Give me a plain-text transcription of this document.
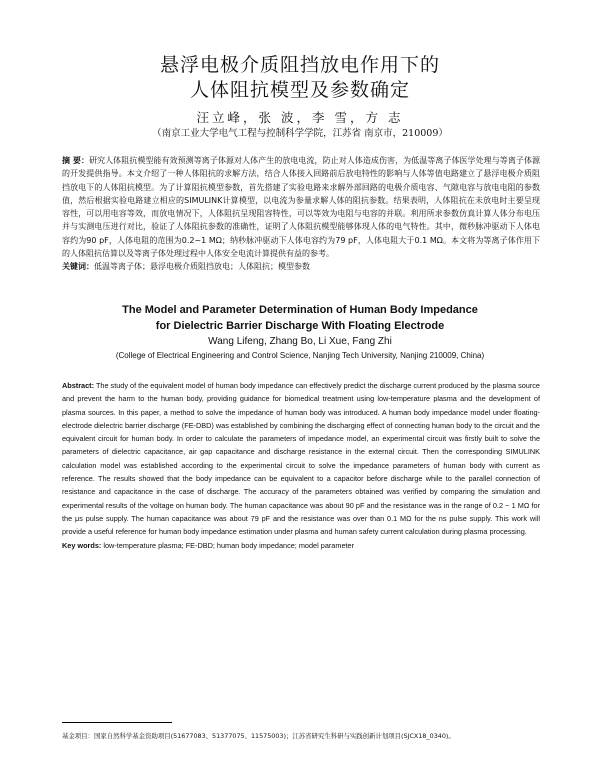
悬浮电极介质阻挡放电作用下的
人体阻抗模型及参数确定
汪立峰，张 波，李 雪，方 志
（南京工业大学电气工程与控制科学学院，江苏省 南京市，210009）
摘 要：研究人体阻抗模型能有效预测等离子体源对人体产生的放电电流，防止对人体造成伤害，为低温等离子体医学处理与等离子体源的开发提供指导。本文介绍了一种人体阻抗的求解方法，结合人体接入回路前后放电特性的影响与人体等值电路建立了悬浮电极介质阻挡放电下的人体阻抗模型。为了计算阻抗模型参数，首先搭建了实验电路来求解外部回路的电极介质电容、气隙电容与放电电阻的参数值，然后根据实验电路建立相应的SIMULINK计算模型，以电流为参量求解人体的阻抗参数。结果表明，人体阻抗在未放电时主要呈现容性，可以用电容等效，而放电情况下，人体阻抗呈现阻容特性，可以等效为电阻与电容的并联。利用所求参数仿真计算人体分布电压并与实测电压进行对比，验证了人体阻抗参数的准确性，证明了人体阻抗模型能够体现人体的电气特性。其中，微秒脉冲驱动下人体电容约为90 pF，人体电阻的范围为0.2~1 MΩ；纳秒脉冲驱动下人体电容约为79 pF，人体电阻大于0.1 MΩ。本文将为等离子体作用下的人体阻抗估算以及等离子体处理过程中人体安全电流计算提供有益的参考。
关键词：低温等离子体；悬浮电极介质阻挡放电；人体阻抗；模型参数
The Model and Parameter Determination of Human Body Impedance
for Dielectric Barrier Discharge With Floating Electrode
Wang Lifeng, Zhang Bo, Li Xue, Fang Zhi
(College of Electrical Engineering and Control Science, Nanjing Tech University, Nanjing 210009, China)
Abstract: The study of the equivalent model of human body impedance can effectively predict the discharge current produced by the plasma source and prevent the harm to the human body, providing guidance for biomedical treatment using low-temperature plasma and the development of plasma sources. In this paper, a method to solve the impedance of human body was introduced. A human body impedance model under floating-electrode dielectric barrier discharge (FE-DBD) was established by combining the discharging effect of connecting human body to the circuit and the equivalent circuit for human body. In order to calculate the parameters of impedance model, an experimental circuit was firstly built to solve the parameters of dielectric capacitance, air gap capacitance and discharge resistance in the external circuit. Then the corresponding SIMULINK calculation model was established according to the experimental circuit to solve the impedance parameters of human body with current as reference. The results showed that the body impedance can be equivalent to a capacitor before discharge while to the parallel connection of resistance and capacitance in the case of discharge. The accuracy of the parameters obtained was verified by comparing the simulation and experimental results of the voltage on human body. The human capacitance was about 90 pF and the resistance was in the range of 0.2 ~ 1 MΩ for the μs pulse supply. The human capacitance was about 79 pF and the resistance was over than 0.1 MΩ for the ns pulse supply. This work will provide a useful reference for human body impedance estimation under plasma and human safety current calculation during plasma processing.
Key words: low-temperature plasma; FE-DBD; human body impedance; model parameter
基金项目：国家自然科学基金资助项目(51677083、51377075、11575003)；江苏省研究生科研与实践创新计划项目(SJCX18_0340)。
